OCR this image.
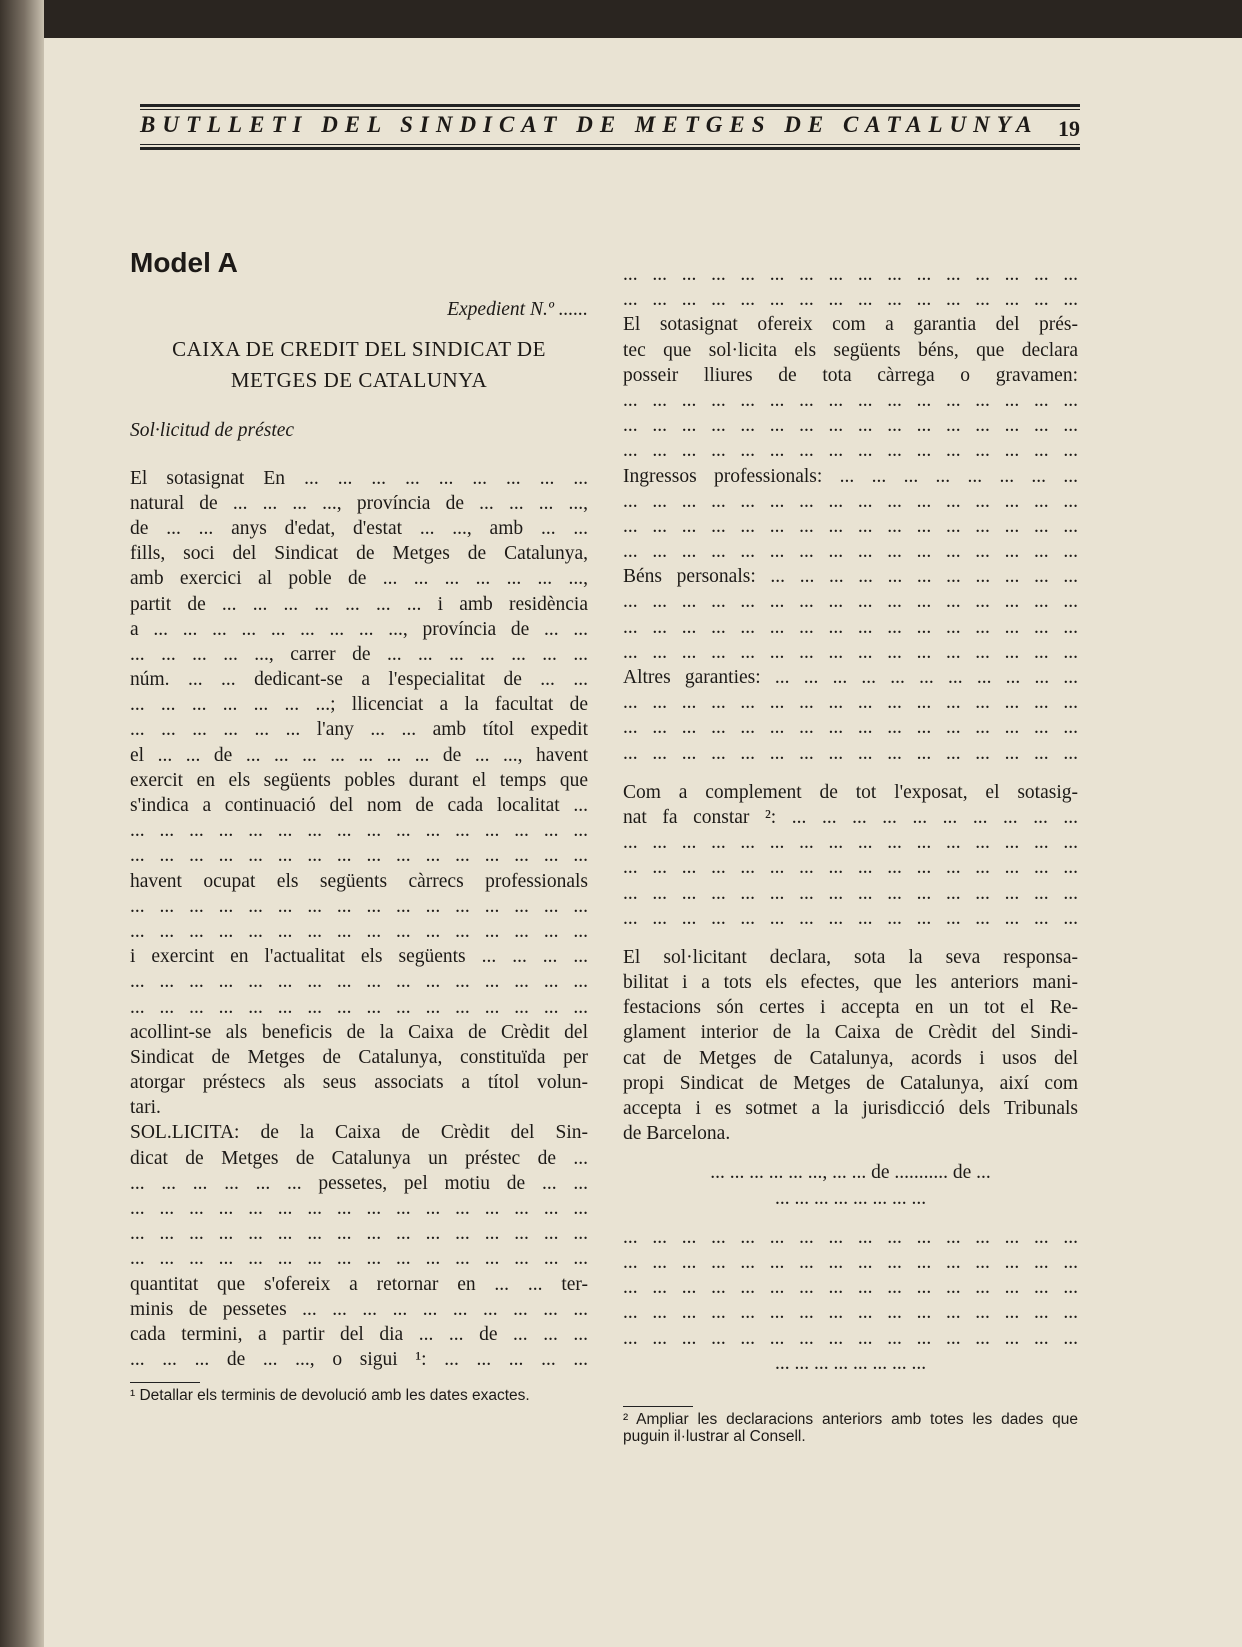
BUTLLETI DEL SINDICAT DE METGES DE CATALUNYA 19
Model A
Expedient N.º ......
CAIXA DE CREDIT DEL SINDICAT DE
METGES DE CATALUNYA
Sol·licitud de préstec
El sotasignat En ... ... ... ... ... ... ... ... ...
natural de ... ... ... ..., província de ... ... ... ...,
de ... ... anys d'edat, d'estat ... ..., amb ... ...
fills, soci del Sindicat de Metges de Catalunya,
amb exercici al poble de ... ... ... ... ... ... ...,
partit de ... ... ... ... ... ... ... i amb residència
a ... ... ... ... ... ... ... ... ..., província de ... ...
... ... ... ... ..., carrer de ... ... ... ... ... ... ...
núm. ... ... dedicant-se a l'especialitat de ... ...
... ... ... ... ... ... ...; llicenciat a la facultat de
... ... ... ... ... ... l'any ... ... amb títol expedit
el ... ... de ... ... ... ... ... ... ... de ... ..., havent
exercit en els següents pobles durant el temps que
s'indica a continuació del nom de cada localitat ...
... ... ... ... ... ... ... ... ... ... ... ... ... ... ... ...
... ... ... ... ... ... ... ... ... ... ... ... ... ... ... ...
havent ocupat els següents càrrecs professionals
... ... ... ... ... ... ... ... ... ... ... ... ... ... ... ...
... ... ... ... ... ... ... ... ... ... ... ... ... ... ... ...
i exercint en l'actualitat els següents ... ... ... ...
... ... ... ... ... ... ... ... ... ... ... ... ... ... ... ...
... ... ... ... ... ... ... ... ... ... ... ... ... ... ... ...
acollint-se als beneficis de la Caixa de Crèdit del
Sindicat de Metges de Catalunya, constituïda per
atorgar préstecs als seus associats a títol volun-
tari.
SOL.LICITA: de la Caixa de Crèdit del Sin-
dicat de Metges de Catalunya un préstec de ...
... ... ... ... ... ... pessetes, pel motiu de ... ...
... ... ... ... ... ... ... ... ... ... ... ... ... ... ... ...
... ... ... ... ... ... ... ... ... ... ... ... ... ... ... ...
... ... ... ... ... ... ... ... ... ... ... ... ... ... ... ...
quantitat que s'ofereix a retornar en ... ... ter-
minis de pessetes ... ... ... ... ... ... ... ... ... ...
cada termini, a partir del dia ... ... de ... ... ...
... ... ... de ... ..., o sigui ¹: ... ... ... ... ...
¹ Detallar els terminis de devolució amb les dates exactes.
... ... ... ... ... ... ... ... ... ... ... ... ... ... ... ...
... ... ... ... ... ... ... ... ... ... ... ... ... ... ... ...
El sotasignat ofereix com a garantia del prés-
tec que sol·licita els següents béns, que declara
posseir lliures de tota càrrega o gravamen:
... ... ... ... ... ... ... ... ... ... ... ... ... ... ... ...
... ... ... ... ... ... ... ... ... ... ... ... ... ... ... ...
... ... ... ... ... ... ... ... ... ... ... ... ... ... ... ...
Ingressos professionals: ... ... ... ... ... ... ... ...
... ... ... ... ... ... ... ... ... ... ... ... ... ... ... ...
... ... ... ... ... ... ... ... ... ... ... ... ... ... ... ...
... ... ... ... ... ... ... ... ... ... ... ... ... ... ... ...
Béns personals: ... ... ... ... ... ... ... ... ... ... ...
... ... ... ... ... ... ... ... ... ... ... ... ... ... ... ...
... ... ... ... ... ... ... ... ... ... ... ... ... ... ... ...
... ... ... ... ... ... ... ... ... ... ... ... ... ... ... ...
Altres garanties: ... ... ... ... ... ... ... ... ... ... ...
... ... ... ... ... ... ... ... ... ... ... ... ... ... ... ...
... ... ... ... ... ... ... ... ... ... ... ... ... ... ... ...
... ... ... ... ... ... ... ... ... ... ... ... ... ... ... ...
Com a complement de tot l'exposat, el sotasig-
nat fa constar ²: ... ... ... ... ... ... ... ... ... ...
... ... ... ... ... ... ... ... ... ... ... ... ... ... ... ...
... ... ... ... ... ... ... ... ... ... ... ... ... ... ... ...
... ... ... ... ... ... ... ... ... ... ... ... ... ... ... ...
... ... ... ... ... ... ... ... ... ... ... ... ... ... ... ...
El sol·licitant declara, sota la seva responsa-
bilitat i a tots els efectes, que les anteriors mani-
festacions són certes i accepta en un tot el Re-
glament interior de la Caixa de Crèdit del Sindi-
cat de Metges de Catalunya, acords i usos del
propi Sindicat de Metges de Catalunya, així com
accepta i es sotmet a la jurisdicció dels Tribunals
de Barcelona.
... ... ... ... ... ..., ... ... de ........... de ...
... ... ... ... ... ... ... ...
... ... ... ... ... ... ... ... ... ... ... ... ... ... ... ...
... ... ... ... ... ... ... ... ... ... ... ... ... ... ... ...
... ... ... ... ... ... ... ... ... ... ... ... ... ... ... ...
... ... ... ... ... ... ... ... ... ... ... ... ... ... ... ...
... ... ... ... ... ... ... ... ... ... ... ... ... ... ... ...
... ... ... ... ... ... ... ...
² Ampliar les declaracions anteriors amb totes les dades que puguin il·lustrar al Consell.
